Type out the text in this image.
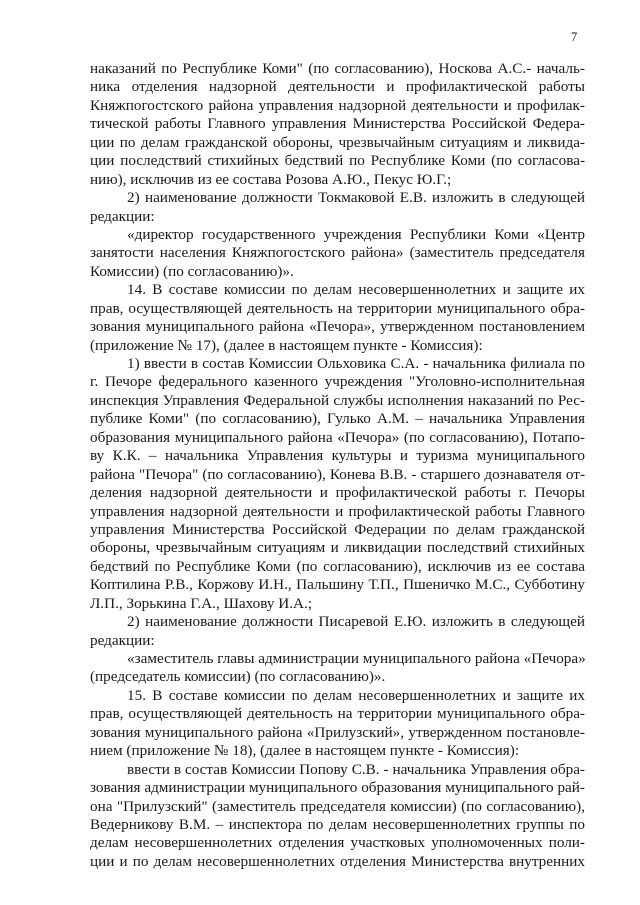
7
наказаний по Республике Коми" (по согласованию), Носкова А.С.- началь-
ника отделения надзорной деятельности и профилактической работы
Княжпогостского района управления надзорной деятельности и профилак-
тической работы Главного управления Министерства Российской Федера-
ции по делам гражданской обороны, чрезвычайным ситуациям и ликвида-
ции последствий стихийных бедствий по Республике Коми (по согласова-
нию), исключив из ее состава Розова А.Ю., Пекус Ю.Г.;
2) наименование должности Токмаковой Е.В. изложить в следующей
редакции:
«директор государственного учреждения Республики Коми «Центр
занятости населения Княжпогостского района» (заместитель председателя
Комиссии) (по согласованию)».
14. В составе комиссии по делам несовершеннолетних и защите их
прав, осуществляющей деятельность на территории муниципального обра-
зования муниципального района «Печора», утвержденном постановлением
(приложение № 17), (далее в настоящем пункте - Комиссия):
1) ввести в состав Комиссии Ольховика С.А. - начальника филиала по
г. Печоре федерального казенного учреждения "Уголовно-исполнительная
инспекция Управления Федеральной службы исполнения наказаний по Рес-
публике Коми" (по согласованию), Гулько А.М. – начальника Управления
образования муниципального района «Печора» (по согласованию), Потапо-
ву К.К. – начальника Управления культуры и туризма муниципального
района "Печора" (по согласованию), Конева В.В. - старшего дознавателя от-
деления надзорной деятельности и профилактической работы г. Печоры
управления надзорной деятельности и профилактической работы Главного
управления Министерства Российской Федерации по делам гражданской
обороны, чрезвычайным ситуациям и ликвидации последствий стихийных
бедствий по Республике Коми (по согласованию), исключив из ее состава
Коптилина Р.В., Коржову И.Н., Пальшину Т.П., Пшеничко М.С., Субботину
Л.П., Зорькина Г.А., Шахову И.А.;
2) наименование должности Писаревой Е.Ю. изложить в следующей
редакции:
«заместитель главы администрации муниципального района «Печора»
(председатель комиссии) (по согласованию)».
15. В составе комиссии по делам несовершеннолетних и защите их
прав, осуществляющей деятельность на территории муниципального обра-
зования муниципального района «Прилузский», утвержденном постановле-
нием (приложение № 18), (далее в настоящем пункте - Комиссия):
ввести в состав Комиссии Попову С.В. - начальника Управления обра-
зования администрации муниципального образования муниципального рай-
она "Прилузский" (заместитель председателя комиссии) (по согласованию),
Ведерникову В.М. – инспектора по делам несовершеннолетних группы по
делам несовершеннолетних отделения участковых уполномоченных поли-
ции и по делам несовершеннолетних отделения Министерства внутренних
